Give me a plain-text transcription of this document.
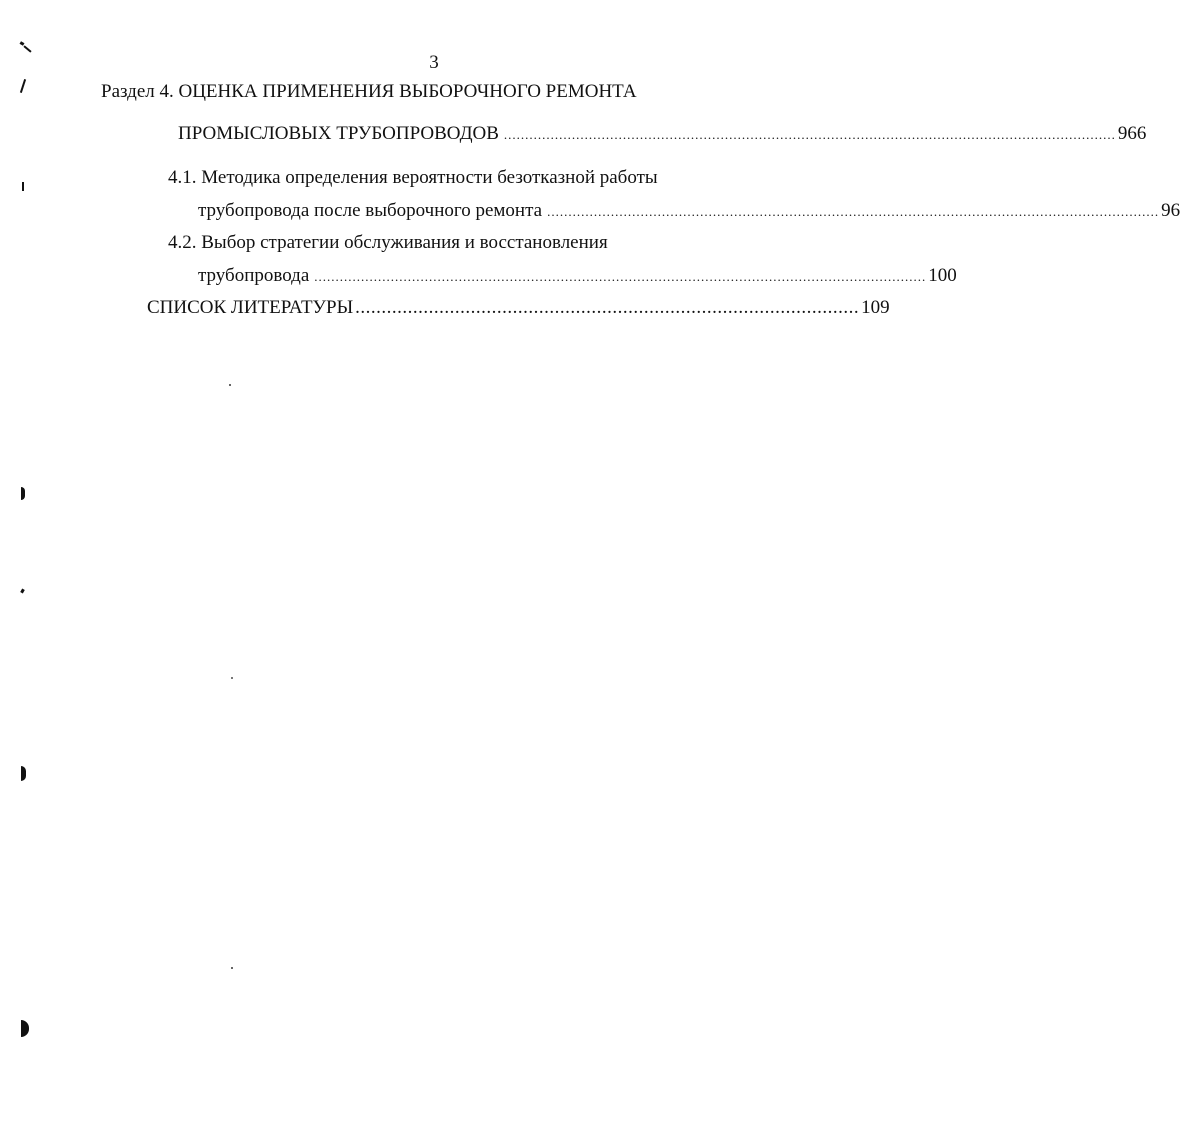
3
Раздел 4. ОЦЕНКА ПРИМЕНЕНИЯ ВЫБОРОЧНОГО РЕМОНТА
ПРОМЫСЛОВЫХ ТРУБОПРОВОДОВ ................................................................................................................................................ 966
4.1. Методика определения вероятности безотказной работы
трубопровода после выборочного ремонта ................................................................................................................................................ 96
4.2. Выбор стратегии обслуживания и восстановления
трубопровода ................................................................................................................................................ 100
СПИСОК ЛИТЕРАТУРЫ ................................................................................................ 109
